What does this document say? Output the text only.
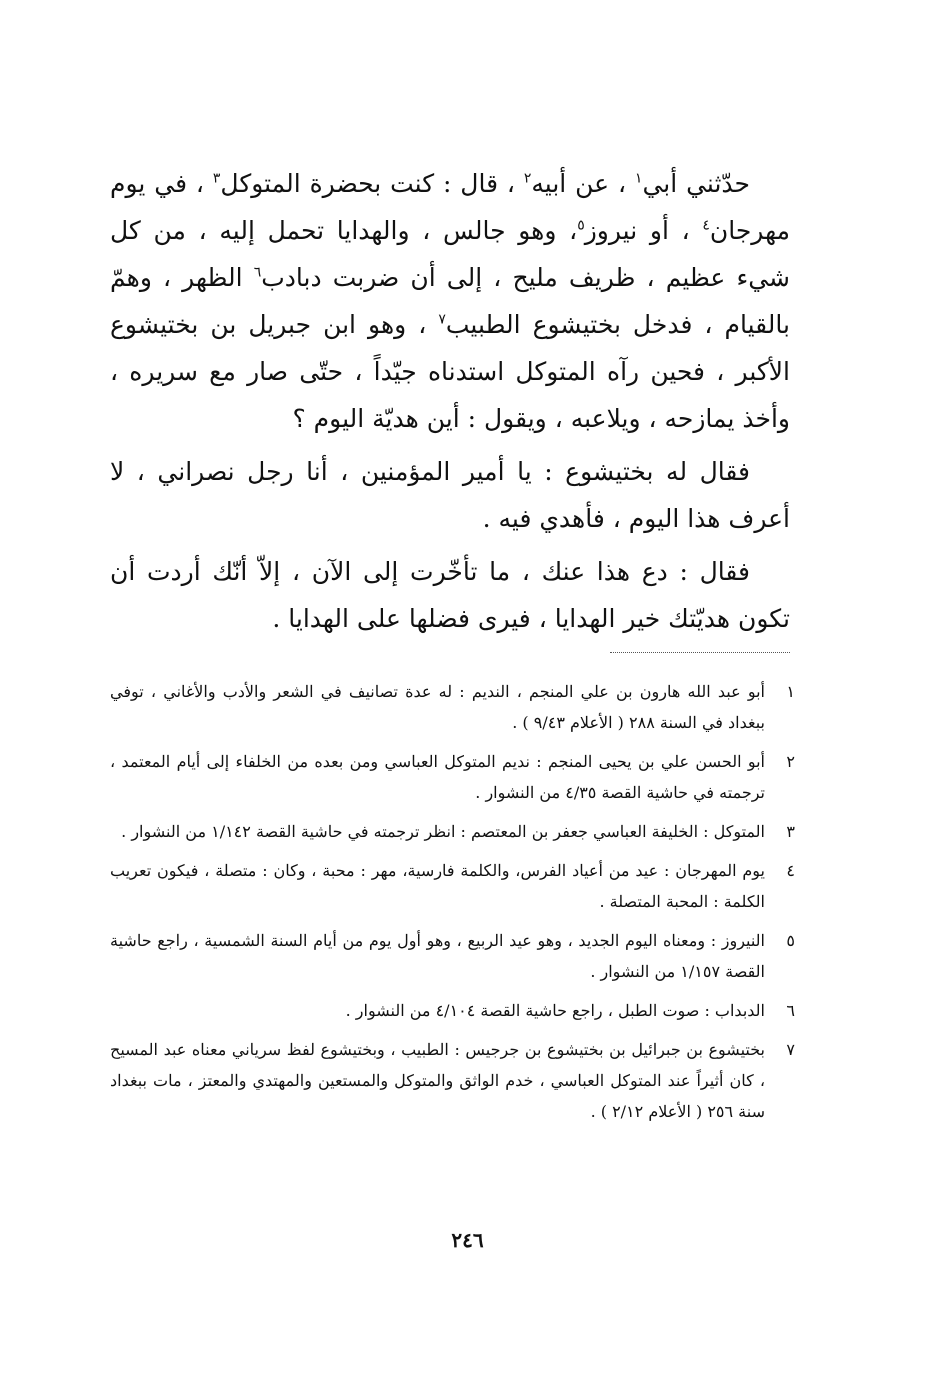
حدّثني أبي$^١$ ، عن أبيه$^٢$ ، قال : كنت بحضرة المتوكل$^٣$ ، في يوم مهرجان$^٤$ ، أو نيروز$^٥$، وهو جالس ، والهدايا تحمل إليه ، من كل شيء عظيم ، ظريف مليح ، إلى أن ضربت دبادب$^٦$ الظهر ، وهمّ بالقيام ، فدخل بختيشوع الطبيب$^٧$ ، وهو ابن جبريل بن بختيشوع الأكبر ، فحين رآه المتوكل استدناه جيّداً ، حتّى صار مع سريره ، وأخذ يمازحه ، ويلاعبه ، ويقول : أين هديّة اليوم ؟

فقال له بختيشوع : يا أمير المؤمنين ، أنا رجل نصراني ، لا أعرف هذا اليوم ، فأهدي فيه .

فقال : دع هذا عنك ، ما تأخّرت إلى الآن ، إلاّ أنّك أردت أن تكون هديّتك خير الهدايا ، فيرى فضلها على الهدايا .

١
أبو عبد الله هارون بن علي المنجم ، النديم : له عدة تصانيف في الشعر والأدب والأغاني ، توفي ببغداد في السنة ٢٨٨ ( الأعلام ٩/٤٣ ) .
٢
أبو الحسن علي بن يحيى المنجم : نديم المتوكل العباسي ومن بعده من الخلفاء إلى أيام المعتمد ، ترجمته في حاشية القصة ٤/٣٥ من النشوار .
٣
المتوكل : الخليفة العباسي جعفر بن المعتصم : انظر ترجمته في حاشية القصة ١/١٤٢ من النشوار .
٤
يوم المهرجان : عيد من أعياد الفرس، والكلمة فارسية، مهر : محبة ، وكان : متصلة ، فيكون تعريب الكلمة : المحبة المتصلة .
٥
النيروز : ومعناه اليوم الجديد ، وهو عيد الربيع ، وهو أول يوم من أيام السنة الشمسية ، راجع حاشية القصة ١/١٥٧ من النشوار .
٦
الدبداب : صوت الطبل ، راجع حاشية القصة ٤/١٠٤ من النشوار .
٧
بختيشوع بن جبرائيل بن بختيشوع بن جرجيس : الطبيب ، وبختيشوع لفظ سرياني معناه عبد المسيح ، كان أثيراً عند المتوكل العباسي ، خدم الواثق والمتوكل والمستعين والمهتدي والمعتز ، مات ببغداد سنة ٢٥٦ ( الأعلام ٢/١٢ ) .
٢٤٦
